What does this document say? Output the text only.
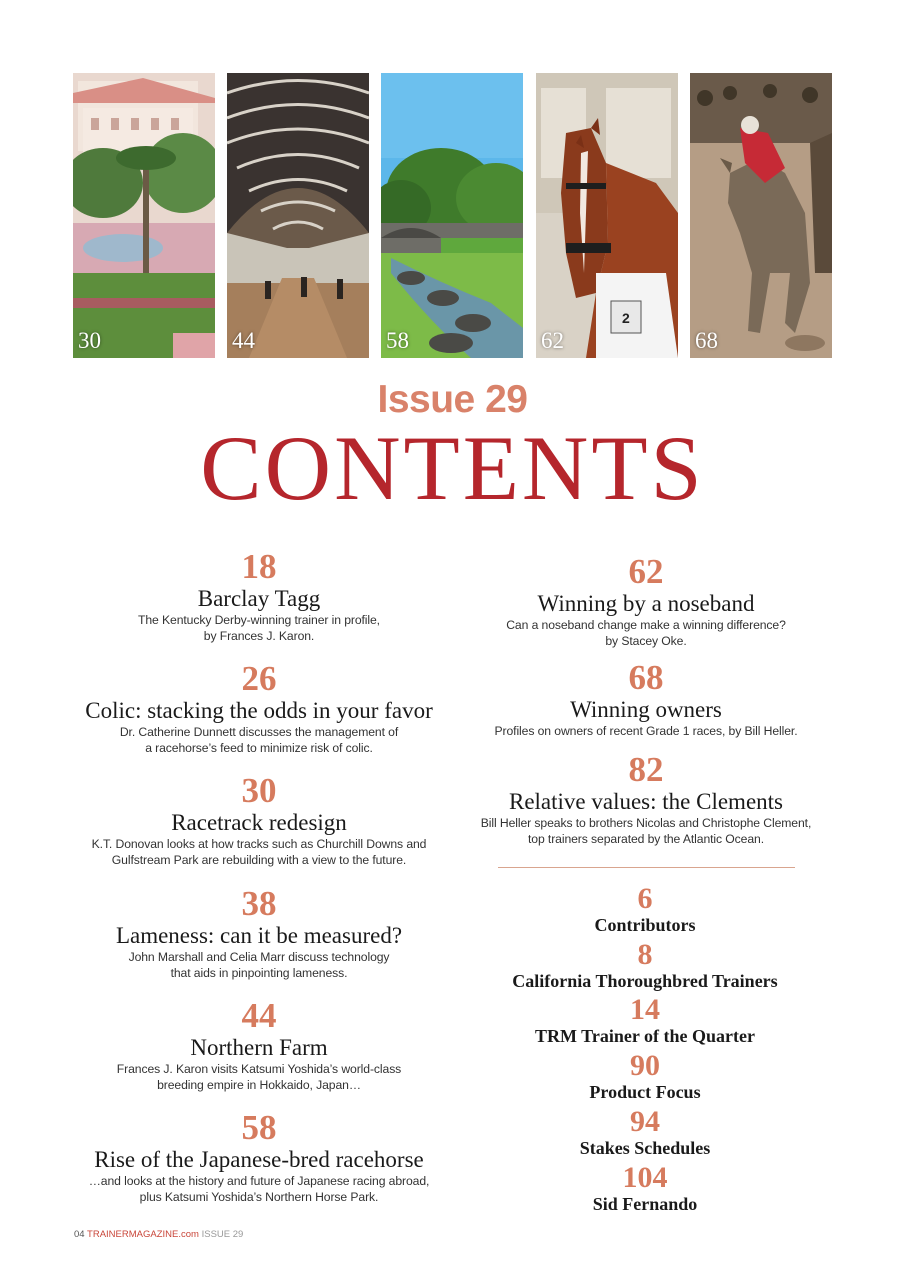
30	44	58
2
62	68
Issue 29
CONTENTS
18
Barclay Tagg
The Kentucky Derby-winning trainer in profile,
by Frances J. Karon.
26
Colic: stacking the odds in your favor
Dr. Catherine Dunnett discusses the management of
a racehorse’s feed to minimize risk of colic.
30
Racetrack redesign
K.T. Donovan looks at how tracks such as Churchill Downs and
Gulfstream Park are rebuilding with a view to the future.
38
Lameness: can it be measured?
John Marshall and Celia Marr discuss technology
that aids in pinpointing lameness.
44
Northern Farm
Frances J. Karon visits Katsumi Yoshida’s world-class
breeding empire in Hokkaido, Japan…
58
Rise of the Japanese-bred racehorse
…and looks at the history and future of Japanese racing abroad,
plus Katsumi Yoshida’s Northern Horse Park.
62
Winning by a noseband
Can a noseband change make a winning difference?
by Stacey Oke.
68
Winning owners
Profiles on owners of recent Grade 1 races, by Bill Heller.
82
Relative values: the Clements
Bill Heller speaks to brothers Nicolas and Christophe Clement,
top trainers separated by the Atlantic Ocean.
6
Contributors
8
California Thoroughbred Trainers
14
TRM Trainer of the Quarter
90
Product Focus
94
Stakes Schedules
104
Sid Fernando
04 TRAINERMAGAZINE.com ISSUE 29
